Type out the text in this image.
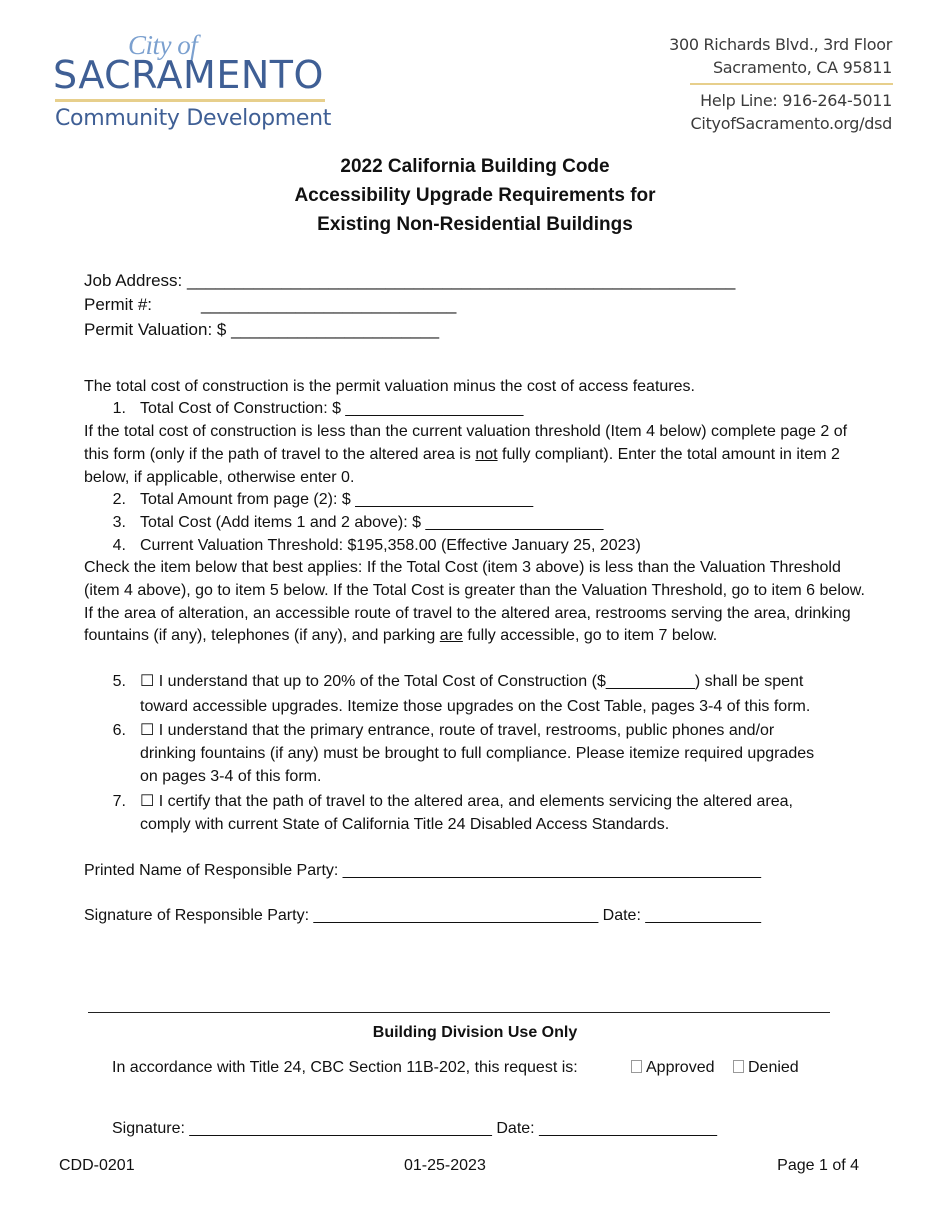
City of
SACRAMENTO
Community Development
300 Richards Blvd., 3rd Floor
Sacramento, CA 95811
Help Line: 916-264-5011
CityofSacramento.org/dsd
2022 California Building Code
Accessibility Upgrade Requirements for
Existing Non-Residential Buildings
Job Address: __________________________________________________________
Permit #:	___________________________
Permit Valuation: $ ______________________
The total cost of construction is the permit valuation minus the cost of access features.
1. Total Cost of Construction: $ ____________________
If the total cost of construction is less than the current valuation threshold (Item 4 below) complete page 2 of this form (only if the path of travel to the altered area is not fully compliant). Enter the total amount in item 2 below, if applicable, otherwise enter 0.
2. Total Amount from page (2): $ ____________________
3. Total Cost (Add items 1 and 2 above): $ ____________________
4. Current Valuation Threshold: $195,358.00 (Effective January 25, 2023)
Check the item below that best applies: If the Total Cost (item 3 above) is less than the Valuation Threshold (item 4 above), go to item 5 below. If the Total Cost is greater than the Valuation Threshold, go to item 6 below. If the area of alteration, an accessible route of travel to the altered area, restrooms serving the area, drinking fountains (if any), telephones (if any), and parking are fully accessible, go to item 7 below.
5. ☐ I understand that up to 20% of the Total Cost of Construction ($__________) shall be spent
toward accessible upgrades. Itemize those upgrades on the Cost Table, pages 3-4 of this form.
6. ☐ I understand that the primary entrance, route of travel, restrooms, public phones and/or
drinking fountains (if any) must be brought to full compliance. Please itemize required upgrades
on pages 3-4 of this form.
7. ☐ I certify that the path of travel to the altered area, and elements servicing the altered area,
comply with current State of California Title 24 Disabled Access Standards.
Printed Name of Responsible Party: _______________________________________________
Signature of Responsible Party: ________________________________ Date: _____________
Building Division Use Only
In accordance with Title 24, CBC Section 11B-202, this request is:	Approved	Denied
Signature: __________________________________ Date: ____________________
CDD-0201	01-25-2023	Page 1 of 4
